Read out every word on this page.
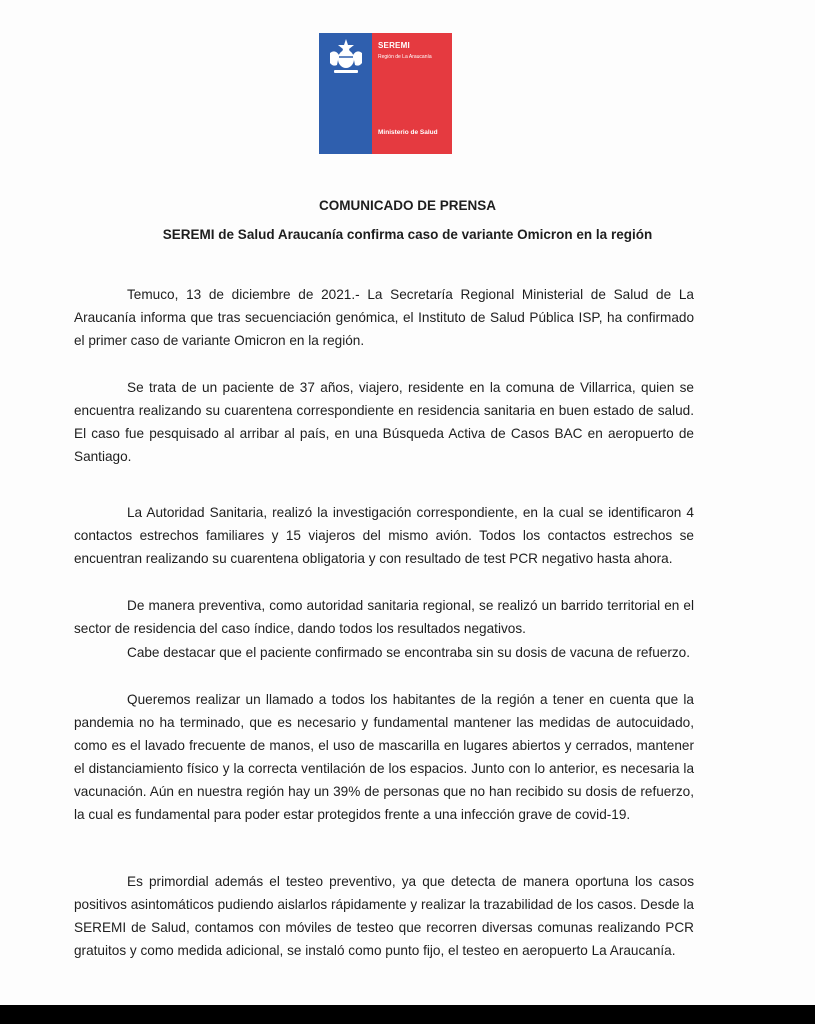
SEREMI
Región de La Araucanía
Ministerio de Salud
COMUNICADO DE PRENSA
SEREMI de Salud Araucanía confirma caso de variante Omicron en la región

Temuco, 13 de diciembre de 2021.- La Secretaría Regional Ministerial de Salud de La Araucanía informa que tras secuenciación genómica, el Instituto de Salud Pública ISP, ha confirmado el primer caso de variante Omicron en la región.

Se trata de un paciente de 37 años, viajero, residente en la comuna de Villarrica, quien se encuentra realizando su cuarentena correspondiente en residencia sanitaria en buen estado de salud. El caso fue pesquisado al arribar al país, en una Búsqueda Activa de Casos BAC en aeropuerto de Santiago.

La Autoridad Sanitaria, realizó la investigación correspondiente, en la cual se identificaron 4 contactos estrechos familiares y 15 viajeros del mismo avión. Todos los contactos estrechos se encuentran realizando su cuarentena obligatoria y con resultado de test PCR negativo hasta ahora.

De manera preventiva, como autoridad sanitaria regional, se realizó un barrido territorial en el sector de residencia del caso índice, dando todos los resultados negativos.

Cabe destacar que el paciente confirmado se encontraba sin su dosis de vacuna de refuerzo.

Queremos realizar un llamado a todos los habitantes de la región a tener en cuenta que la pandemia no ha terminado, que es necesario y fundamental mantener las medidas de autocuidado, como es el lavado frecuente de manos, el uso de mascarilla en lugares abiertos y cerrados, mantener el distanciamiento físico y la correcta ventilación de los espacios. Junto con lo anterior, es necesaria la vacunación. Aún en nuestra región hay un 39% de personas que no han recibido su dosis de refuerzo, la cual es fundamental para poder estar protegidos frente a una infección grave de covid-19.

Es primordial además el testeo preventivo, ya que detecta de manera oportuna los casos positivos asintomáticos pudiendo aislarlos rápidamente y realizar la trazabilidad de los casos. Desde la SEREMI de Salud, contamos con móviles de testeo que recorren diversas comunas realizando PCR gratuitos y como medida adicional, se instaló como punto fijo, el testeo en aeropuerto La Araucanía.
